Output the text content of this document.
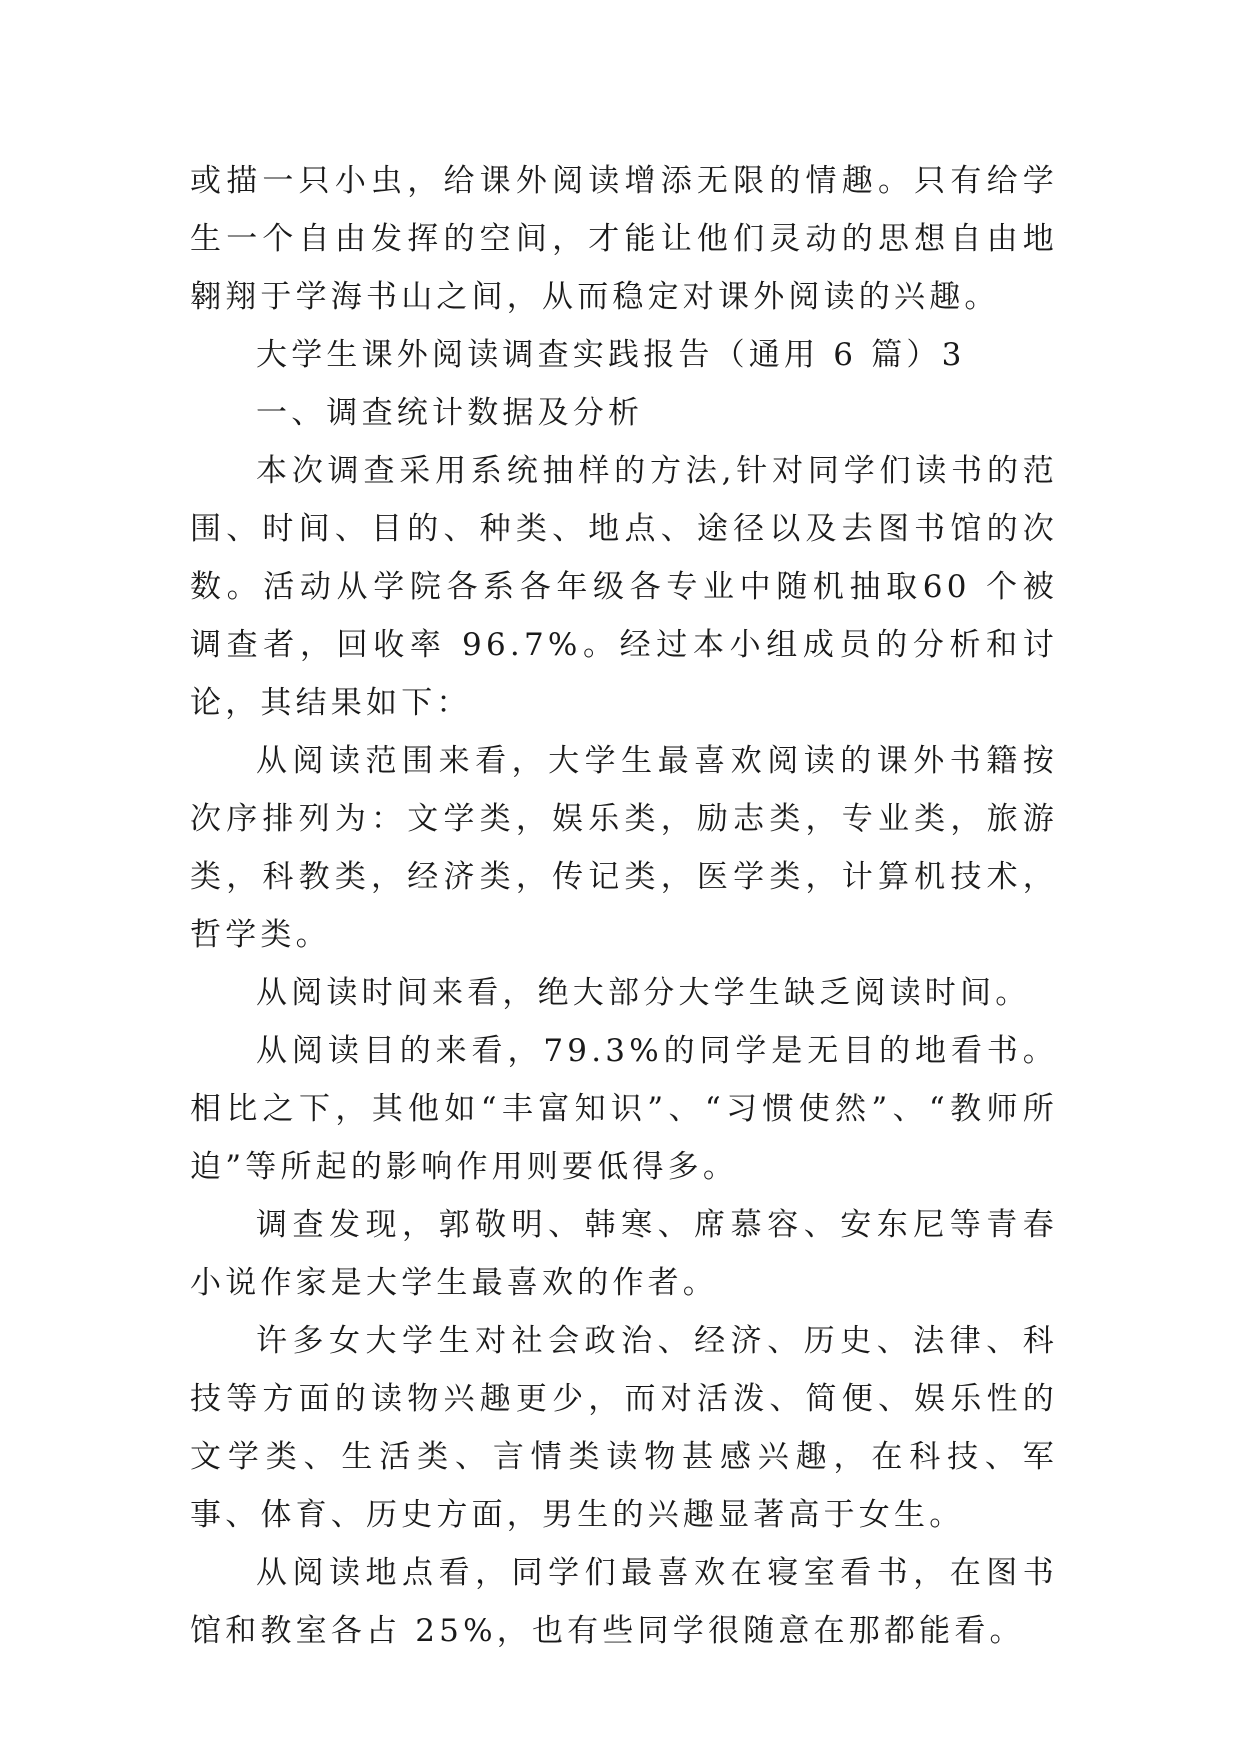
或描一只小虫，给课外阅读增添无限的情趣。只有给学生一个自由发挥的空间，才能让他们灵动的思想自由地翱翔于学海书山之间，从而稳定对课外阅读的兴趣。

大学生课外阅读调查实践报告（通用 6 篇）3

一、调查统计数据及分析

本次调查采用系统抽样的方法,针对同学们读书的范围、时间、目的、种类、地点、途径以及去图书馆的次数。活动从学院各系各年级各专业中随机抽取60 个被调查者，回收率 96.7%。经过本小组成员的分析和讨论，其结果如下：

从阅读范围来看，大学生最喜欢阅读的课外书籍按次序排列为：文学类，娱乐类，励志类，专业类，旅游类，科教类，经济类，传记类，医学类，计算机技术，哲学类。

从阅读时间来看，绝大部分大学生缺乏阅读时间。

从阅读目的来看，79.3%的同学是无目的地看书。相比之下，其他如“丰富知识”、“习惯使然”、“教师所迫”等所起的影响作用则要低得多。

调查发现，郭敬明、韩寒、席慕容、安东尼等青春小说作家是大学生最喜欢的作者。

许多女大学生对社会政治、经济、历史、法律、科技等方面的读物兴趣更少，而对活泼、简便、娱乐性的文学类、生活类、言情类读物甚感兴趣，在科技、军事、体育、历史方面，男生的兴趣显著高于女生。

从阅读地点看，同学们最喜欢在寝室看书，在图书馆和教室各占 25%，也有些同学很随意在那都能看。
